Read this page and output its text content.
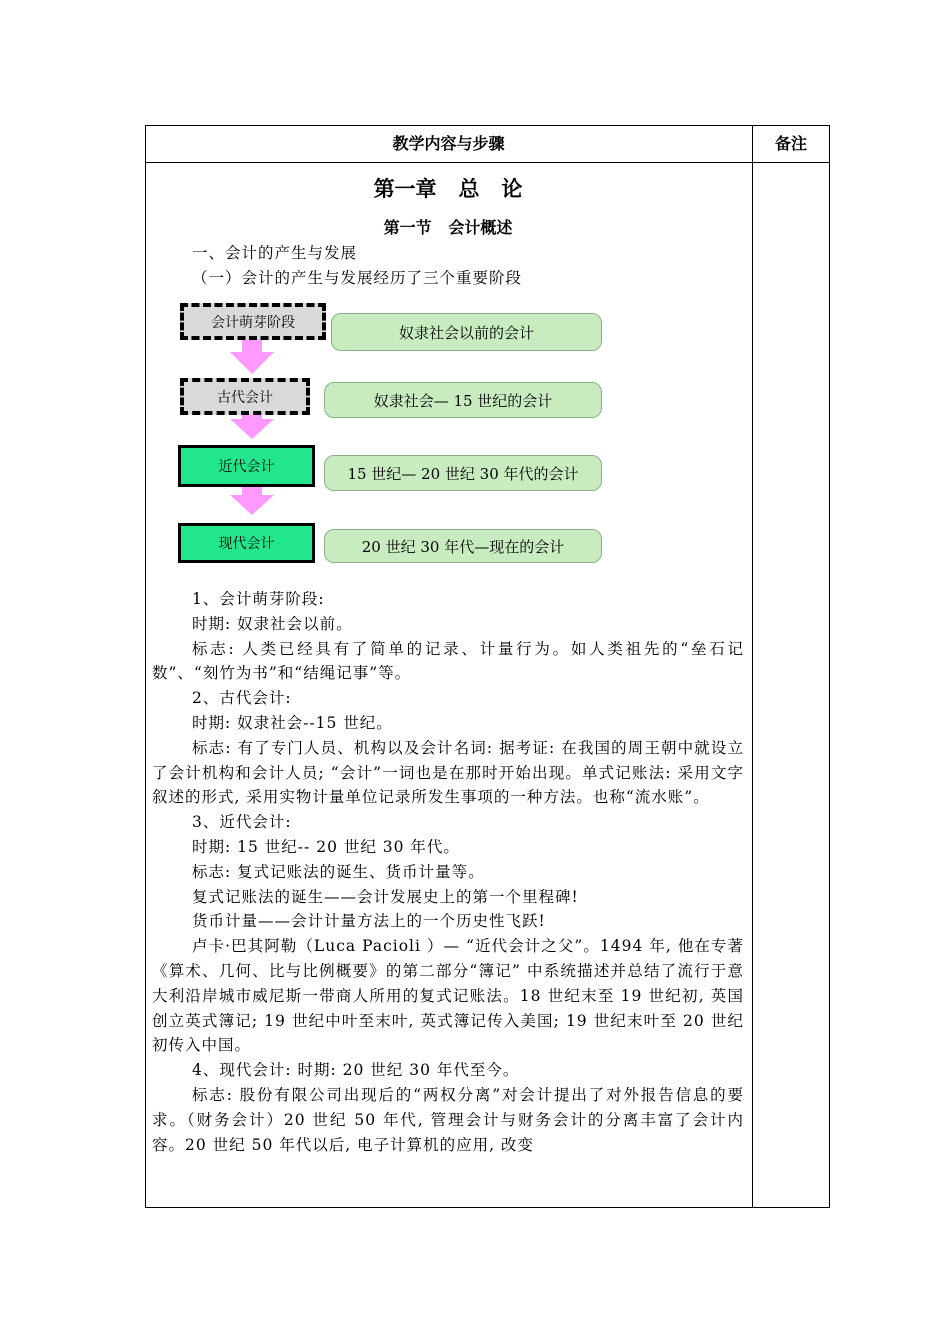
教学内容与步骤	备注
第一章   总   论
第一节   会计概述
一、会计的产生与发展
（一）会计的产生与发展经历了三个重要阶段
会计萌芽阶段
奴隶社会以前的会计
古代会计	奴隶社会— 15 世纪的会计
近代会计	15 世纪— 20 世纪 30 年代的会计
现代会计	20 世纪 30 年代—现在的会计

1、会计萌芽阶段:

时期: 奴隶社会以前。

标志: 人类已经具有了简单的记录、计量行为。如人类祖先的“垒石记数”、“刻竹为书”和“结绳记事”等。

2、古代会计:

时期: 奴隶社会--15 世纪。

标志: 有了专门人员、机构以及会计名词: 据考证: 在我国的周王朝中就设立了会计机构和会计人员; “会计”一词也是在那时开始出现。单式记账法: 采用文字叙述的形式, 采用实物计量单位记录所发生事项的一种方法。也称“流水账”。

3、近代会计:

时期: 15 世纪-- 20 世纪 30 年代。

标志: 复式记账法的诞生、货币计量等。

复式记账法的诞生——会计发展史上的第一个里程碑!

货币计量——会计计量方法上的一个历史性飞跃!

卢卡·巴其阿勒（Luca Pacioli ）— “近代会计之父”。1494 年, 他在专著《算术、几何、比与比例概要》的第二部分“簿记” 中系统描述并总结了流行于意大利沿岸城市威尼斯一带商人所用的复式记账法。18 世纪末至 19 世纪初, 英国创立英式簿记; 19 世纪中叶至末叶, 英式簿记传入美国; 19 世纪末叶至 20 世纪初传入中国。

4、现代会计: 时期: 20 世纪 30 年代至今。

标志: 股份有限公司出现后的“两权分离”对会计提出了对外报告信息的要求。（财务会计）20 世纪 50 年代, 管理会计与财务会计的分离丰富了会计内容。20 世纪 50 年代以后, 电子计算机的应用, 改变
